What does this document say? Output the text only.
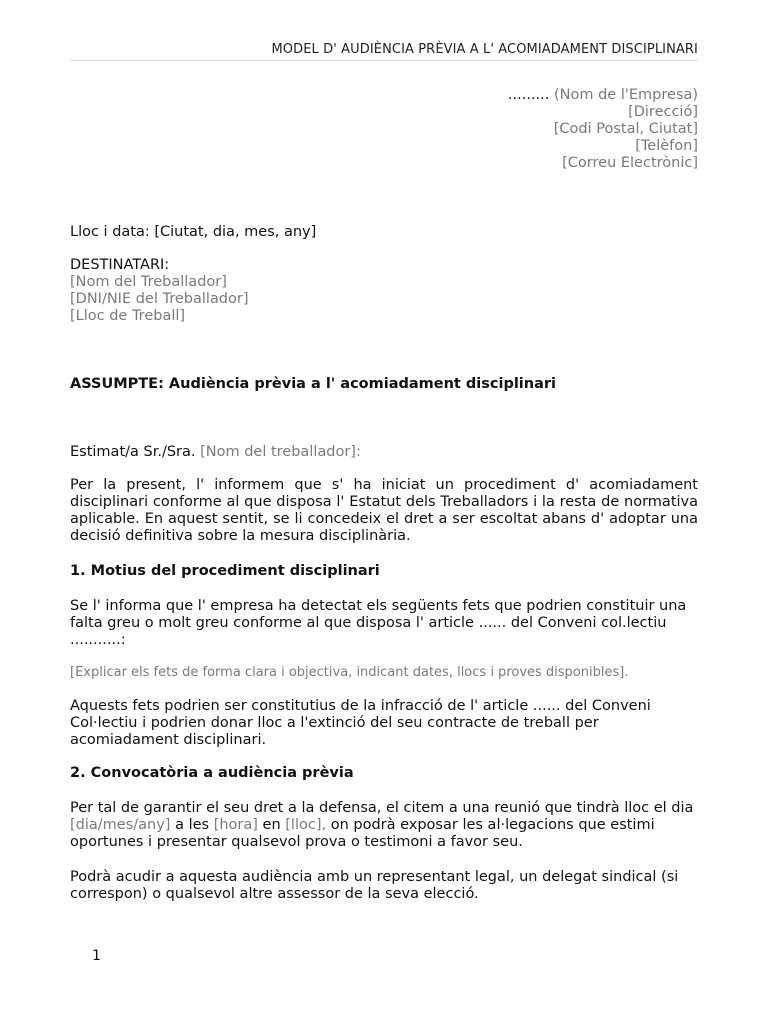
MODEL D' AUDIÈNCIA PRÈVIA A L' ACOMIADAMENT DISCIPLINARI
......... (Nom de l'Empresa)
[Direcció]
[Codi Postal, Ciutat]
[Telèfon]
[Correu Electrònic]
Lloc i data: [Ciutat, dia, mes, any]
DESTINATARI:
[Nom del Treballador]
[DNI/NIE del Treballador]
[Lloc de Treball]
ASSUMPTE: Audiència prèvia a l' acomiadament disciplinari
Estimat/a Sr./Sra. [Nom del treballador]:
Per la present, l' informem que s' ha iniciat un procediment d' acomiadament disciplinari conforme al que disposa l' Estatut dels Treballadors i la resta de normativa aplicable. En aquest sentit, se li concedeix el dret a ser escoltat abans d' adoptar una decisió definitiva sobre la mesura disciplinària.
1. Motius del procediment disciplinari
Se l' informa que l' empresa ha detectat els següents fets que podrien constituir una falta greu o molt greu conforme al que disposa l' article ...... del Conveni col.lectiu ...........:
[Explicar els fets de forma clara i objectiva, indicant dates, llocs i proves disponibles].
Aquests fets podrien ser constitutius de la infracció de l' article ...... del Conveni Col·lectiu i podrien donar lloc a l'extinció del seu contracte de treball per acomiadament disciplinari.
2. Convocatòria a audiència prèvia
Per tal de garantir el seu dret a la defensa, el citem a una reunió que tindrà lloc el dia [dia/mes/any] a les [hora] en [lloc], on podrà exposar les al·legacions que estimi oportunes i presentar qualsevol prova o testimoni a favor seu.
Podrà acudir a aquesta audiència amb un representant legal, un delegat sindical (si correspon) o qualsevol altre assessor de la seva elecció.
1
